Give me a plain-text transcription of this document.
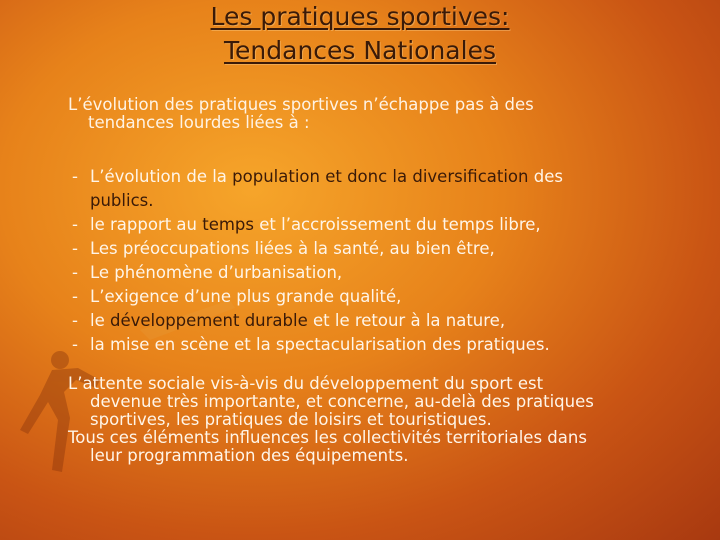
Les pratiques sportives:
Tendances Nationales
L’évolution des pratiques sportives n’échappe pas à des
tendances lourdes liées à :
- L’évolution de la population et donc la diversification des
publics.
- le rapport au temps et l’accroissement du temps libre,
- Les préoccupations liées à la santé, au bien être,
- Le phénomène d’urbanisation,
- L’exigence d’une plus grande qualité,
- le développement durable et le retour à la nature,
- la mise en scène et la spectacularisation des pratiques.
L’attente sociale vis-à-vis du développement du sport est
devenue très importante, et concerne, au-delà des pratiques
sportives, les pratiques de loisirs et touristiques.
Tous ces éléments influences les collectivités territoriales dans
leur programmation des équipements.
